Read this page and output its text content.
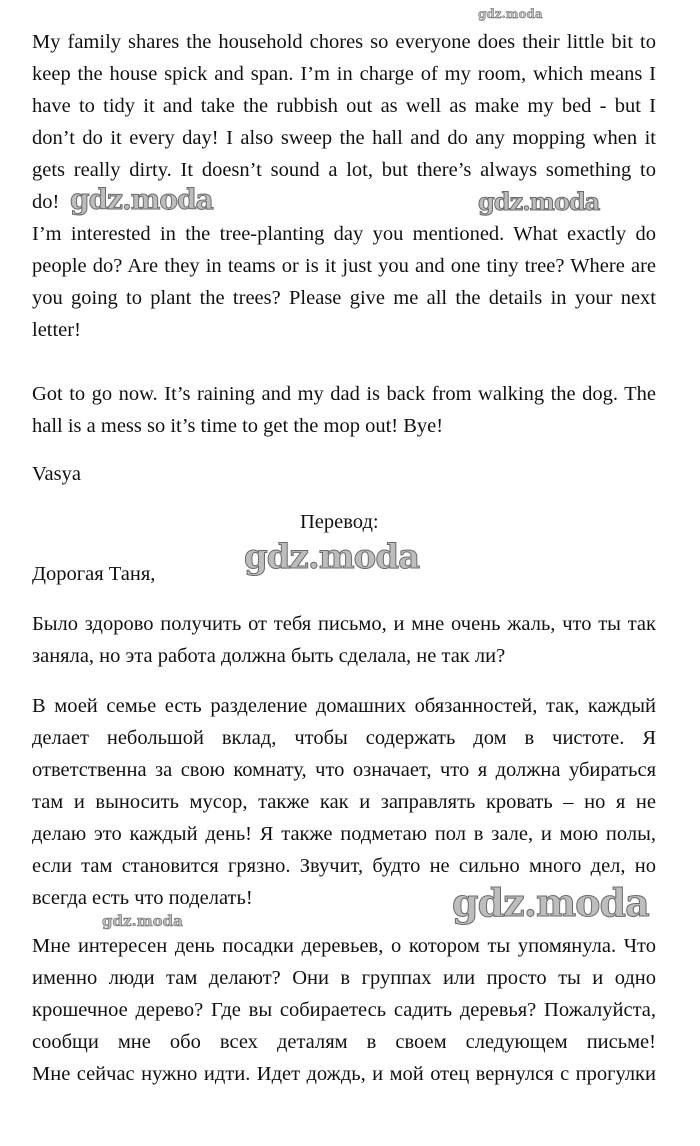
My family shares the household chores so everyone does their little bit to
keep the house spick and span. I’m in charge of my room, which means I
have to tidy it and take the rubbish out as well as make my bed - but I
don’t do it every day! I also sweep the hall and do any mopping when it
gets really dirty. It doesn’t sound a lot, but there’s always something to
do!
I’m interested in the tree-planting day you mentioned. What exactly do
people do? Are they in teams or is it just you and one tiny tree? Where are
you going to plant the trees? Please give me all the details in your next
letter!
Got to go now. It’s raining and my dad is back from walking the dog. The
hall is a mess so it’s time to get the mop out! Bye!
Vasya
Дорогая Таня,
Было здорово получить от тебя письмо, и мне очень жаль, что ты так
заняла, но эта работа должна быть сделала, не так ли?
В моей семье есть разделение домашних обязанностей, так, каждый
делает небольшой вклад, чтобы содержать дом в чистоте. Я
ответственна за свою комнату, что означает, что я должна убираться
там и выносить мусор, также как и заправлять кровать – но я не
делаю это каждый день! Я также подметаю пол в зале, и мою полы,
если там становится грязно. Звучит, будто не сильно много дел, но
всегда есть что поделать!
Мне интересен день посадки деревьев, о котором ты упомянула. Что
именно люди там делают? Они в группах или просто ты и одно
крошечное дерево? Где вы собираетесь садить деревья? Пожалуйста,
сообщи мне обо всех деталям в своем следующем письме!
Мне сейчас нужно идти. Идет дождь, и мой отец вернулся с прогулки
Перевод:
gdz.moda
gdz.moda	gdz.moda
gdz.moda
gdz.moda
gdz.moda
